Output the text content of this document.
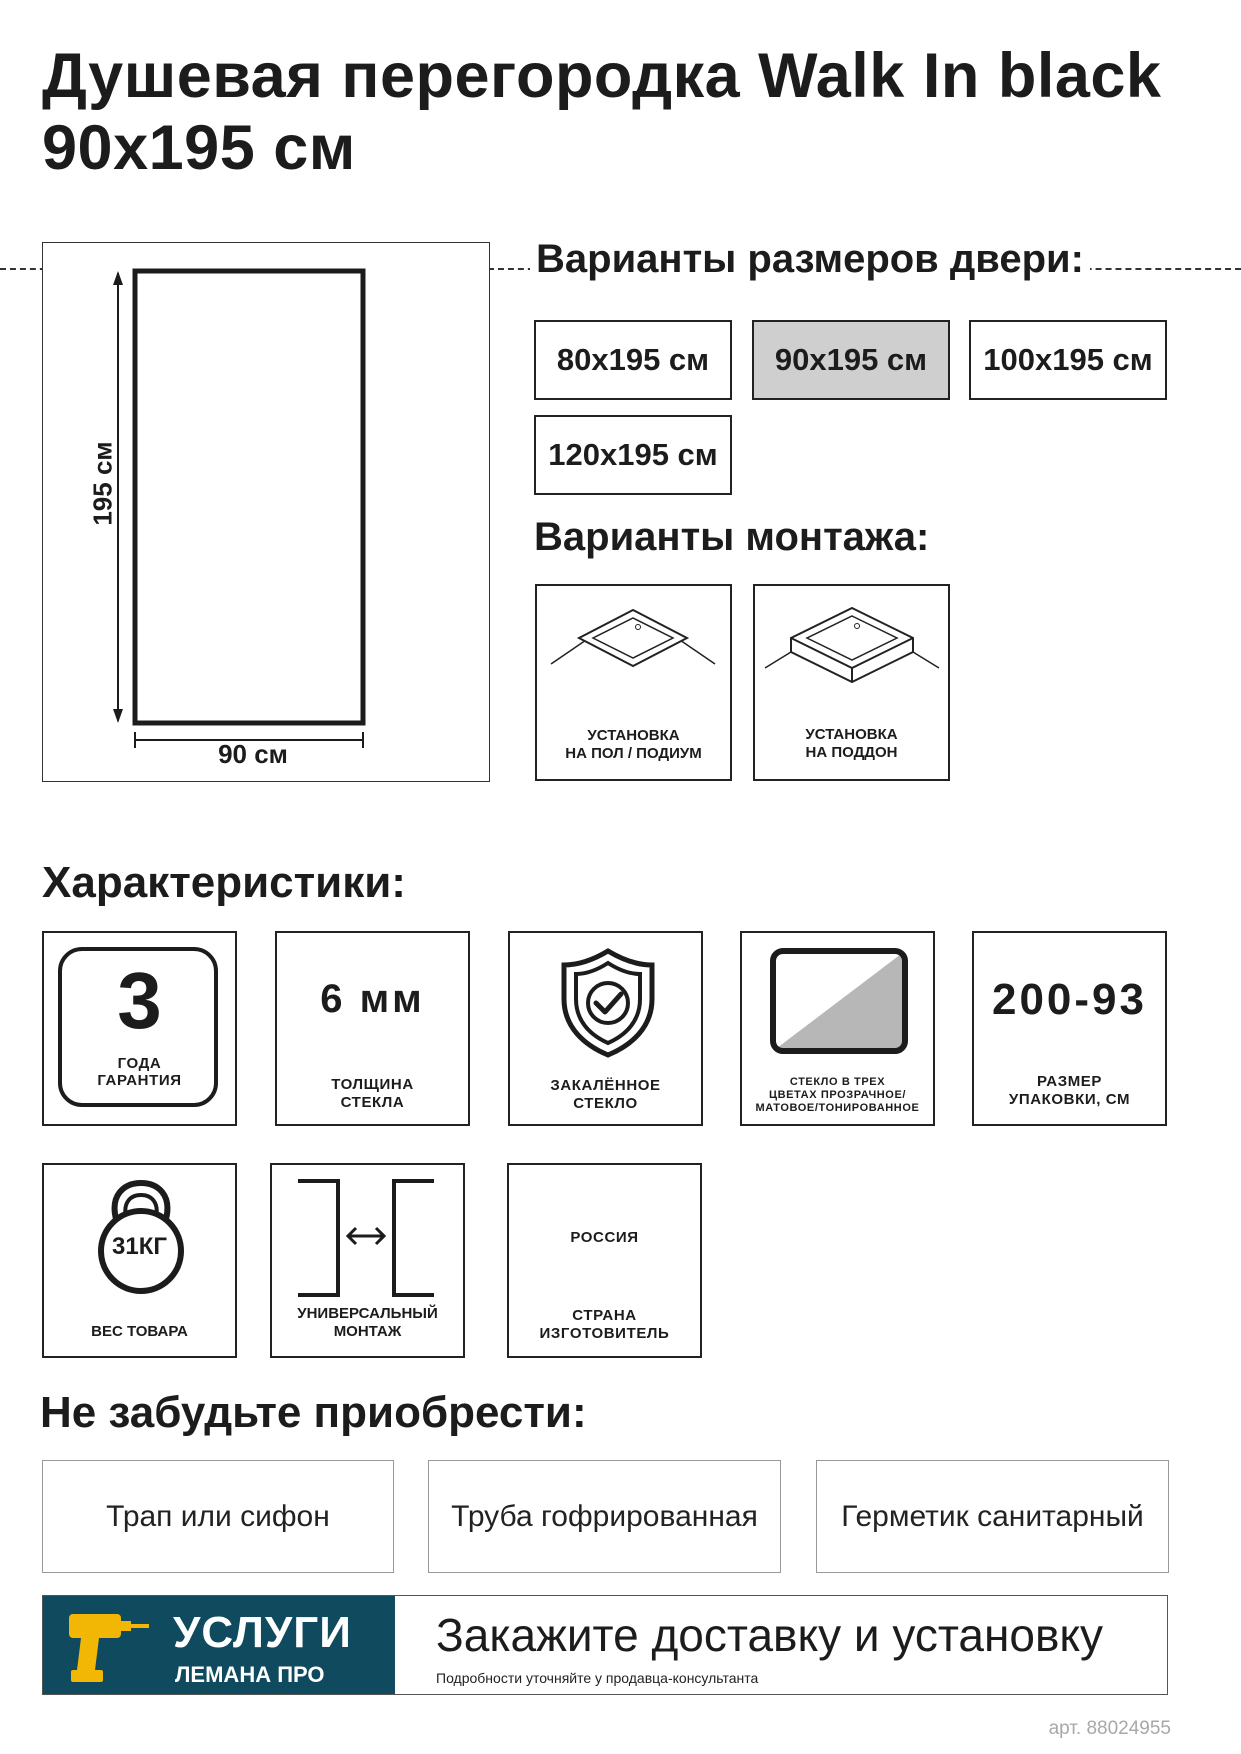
Душевая перегородка Walk In black 90х195 см
195 см
90 см
Варианты размеров двери:
80х195 см	90х195 см	100х195 см
120х195 см
Варианты монтажа:
УСТАНОВКА
НА ПОЛ / ПОДИУМ
УСТАНОВКА
НА ПОДДОН
Характеристики:
3
ГОДА
ГАРАНТИЯ
6 мм
ТОЛЩИНА
СТЕКЛА
ЗАКАЛЁННОЕ
СТЕКЛО
СТЕКЛО В ТРЕХ
ЦВЕТАХ ПРОЗРАЧНОЕ/
МАТОВОЕ/ТОНИРОВАННОЕ
200-93
РАЗМЕР
УПАКОВКИ, СМ
31КГ
ВЕС ТОВАРА
УНИВЕРСАЛЬНЫЙ
МОНТАЖ
РОССИЯ
СТРАНА
ИЗГОТОВИТЕЛЬ
Не забудьте приобрести:
Трап или сифон	Труба гофрированная	Герметик санитарный
УСЛУГИ
ЛЕМАНА ПРО
Закажите доставку и установку
Подробности уточняйте у продавца-консультанта
арт. 88024955
